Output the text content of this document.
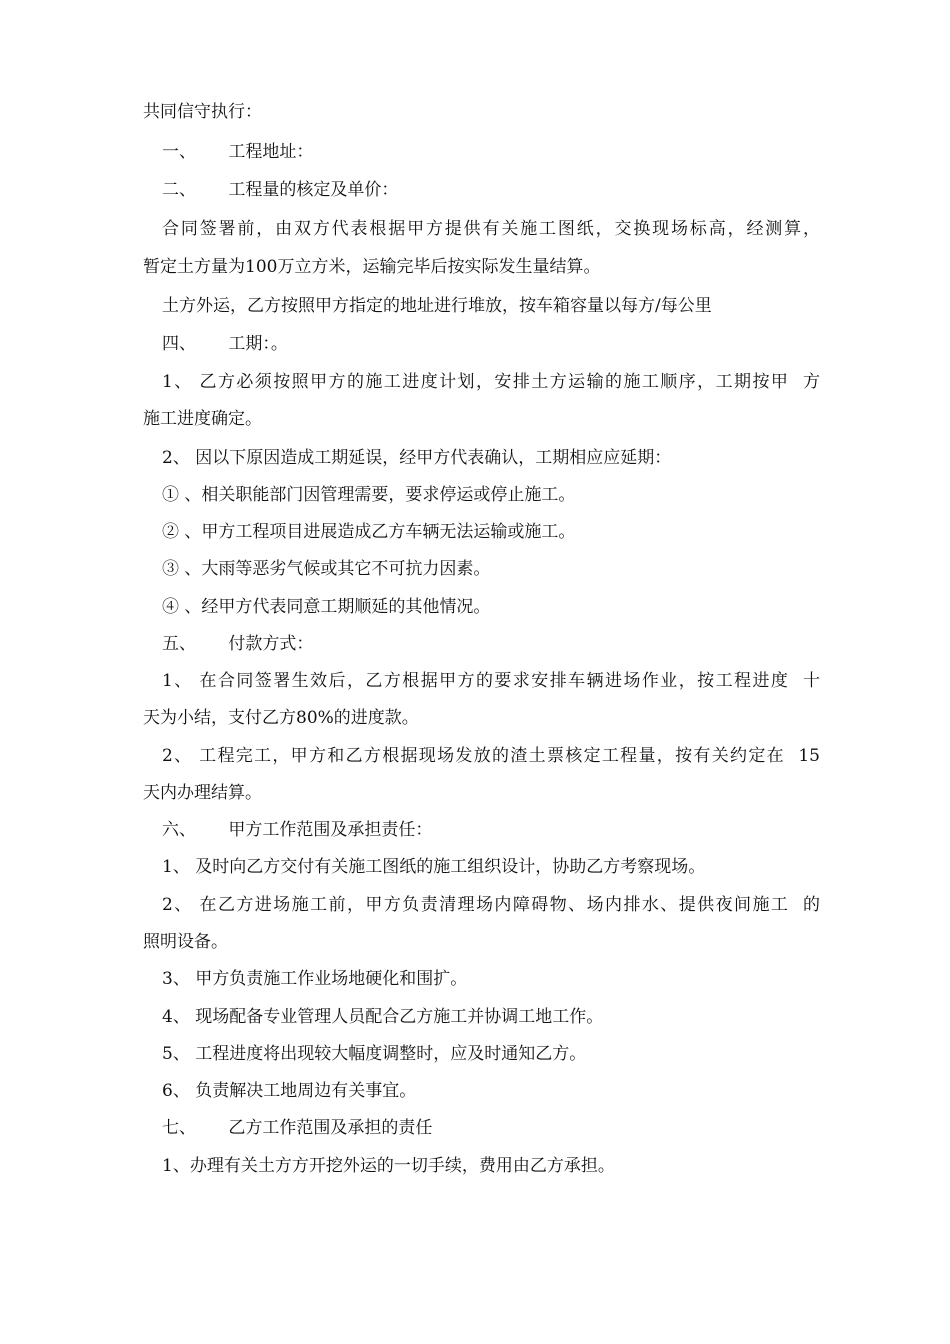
共同信守执行：
一、      工程地址：
二、      工程量的核定及单价：
合同签署前，由双方代表根据甲方提供有关施工图纸，交换现场标高，经测算，
暂定土方量为100万立方米，运输完毕后按实际发生量结算。
土方外运，乙方按照甲方指定的地址进行堆放，按车箱容量以每方/每公里
四、      工期：。
1、 乙方必须按照甲方的施工进度计划，安排土方运输的施工顺序，工期按甲  方
施工进度确定。
2、 因以下原因造成工期延误，经甲方代表确认，工期相应应延期：
① 、相关职能部门因管理需要，要求停运或停止施工。
② 、甲方工程项目进展造成乙方车辆无法运输或施工。
③ 、大雨等恶劣气候或其它不可抗力因素。
④ 、经甲方代表同意工期顺延的其他情况。
五、      付款方式：
1、 在合同签署生效后，乙方根据甲方的要求安排车辆进场作业，按工程进度  十
天为小结，支付乙方80%的进度款。
2、 工程完工，甲方和乙方根据现场发放的渣土票核定工程量，按有关约定在  15
天内办理结算。
六、      甲方工作范围及承担责任：
1、 及时向乙方交付有关施工图纸的施工组织设计，协助乙方考察现场。
2、 在乙方进场施工前，甲方负责清理场内障碍物、场内排水、提供夜间施工  的
照明设备。
3、 甲方负责施工作业场地硬化和围扩。
4、 现场配备专业管理人员配合乙方施工并协调工地工作。
5、 工程进度将出现较大幅度调整时，应及时通知乙方。
6、 负责解决工地周边有关事宜。
七、      乙方工作范围及承担的责任
1、办理有关土方方开挖外运的一切手续，费用由乙方承担。
